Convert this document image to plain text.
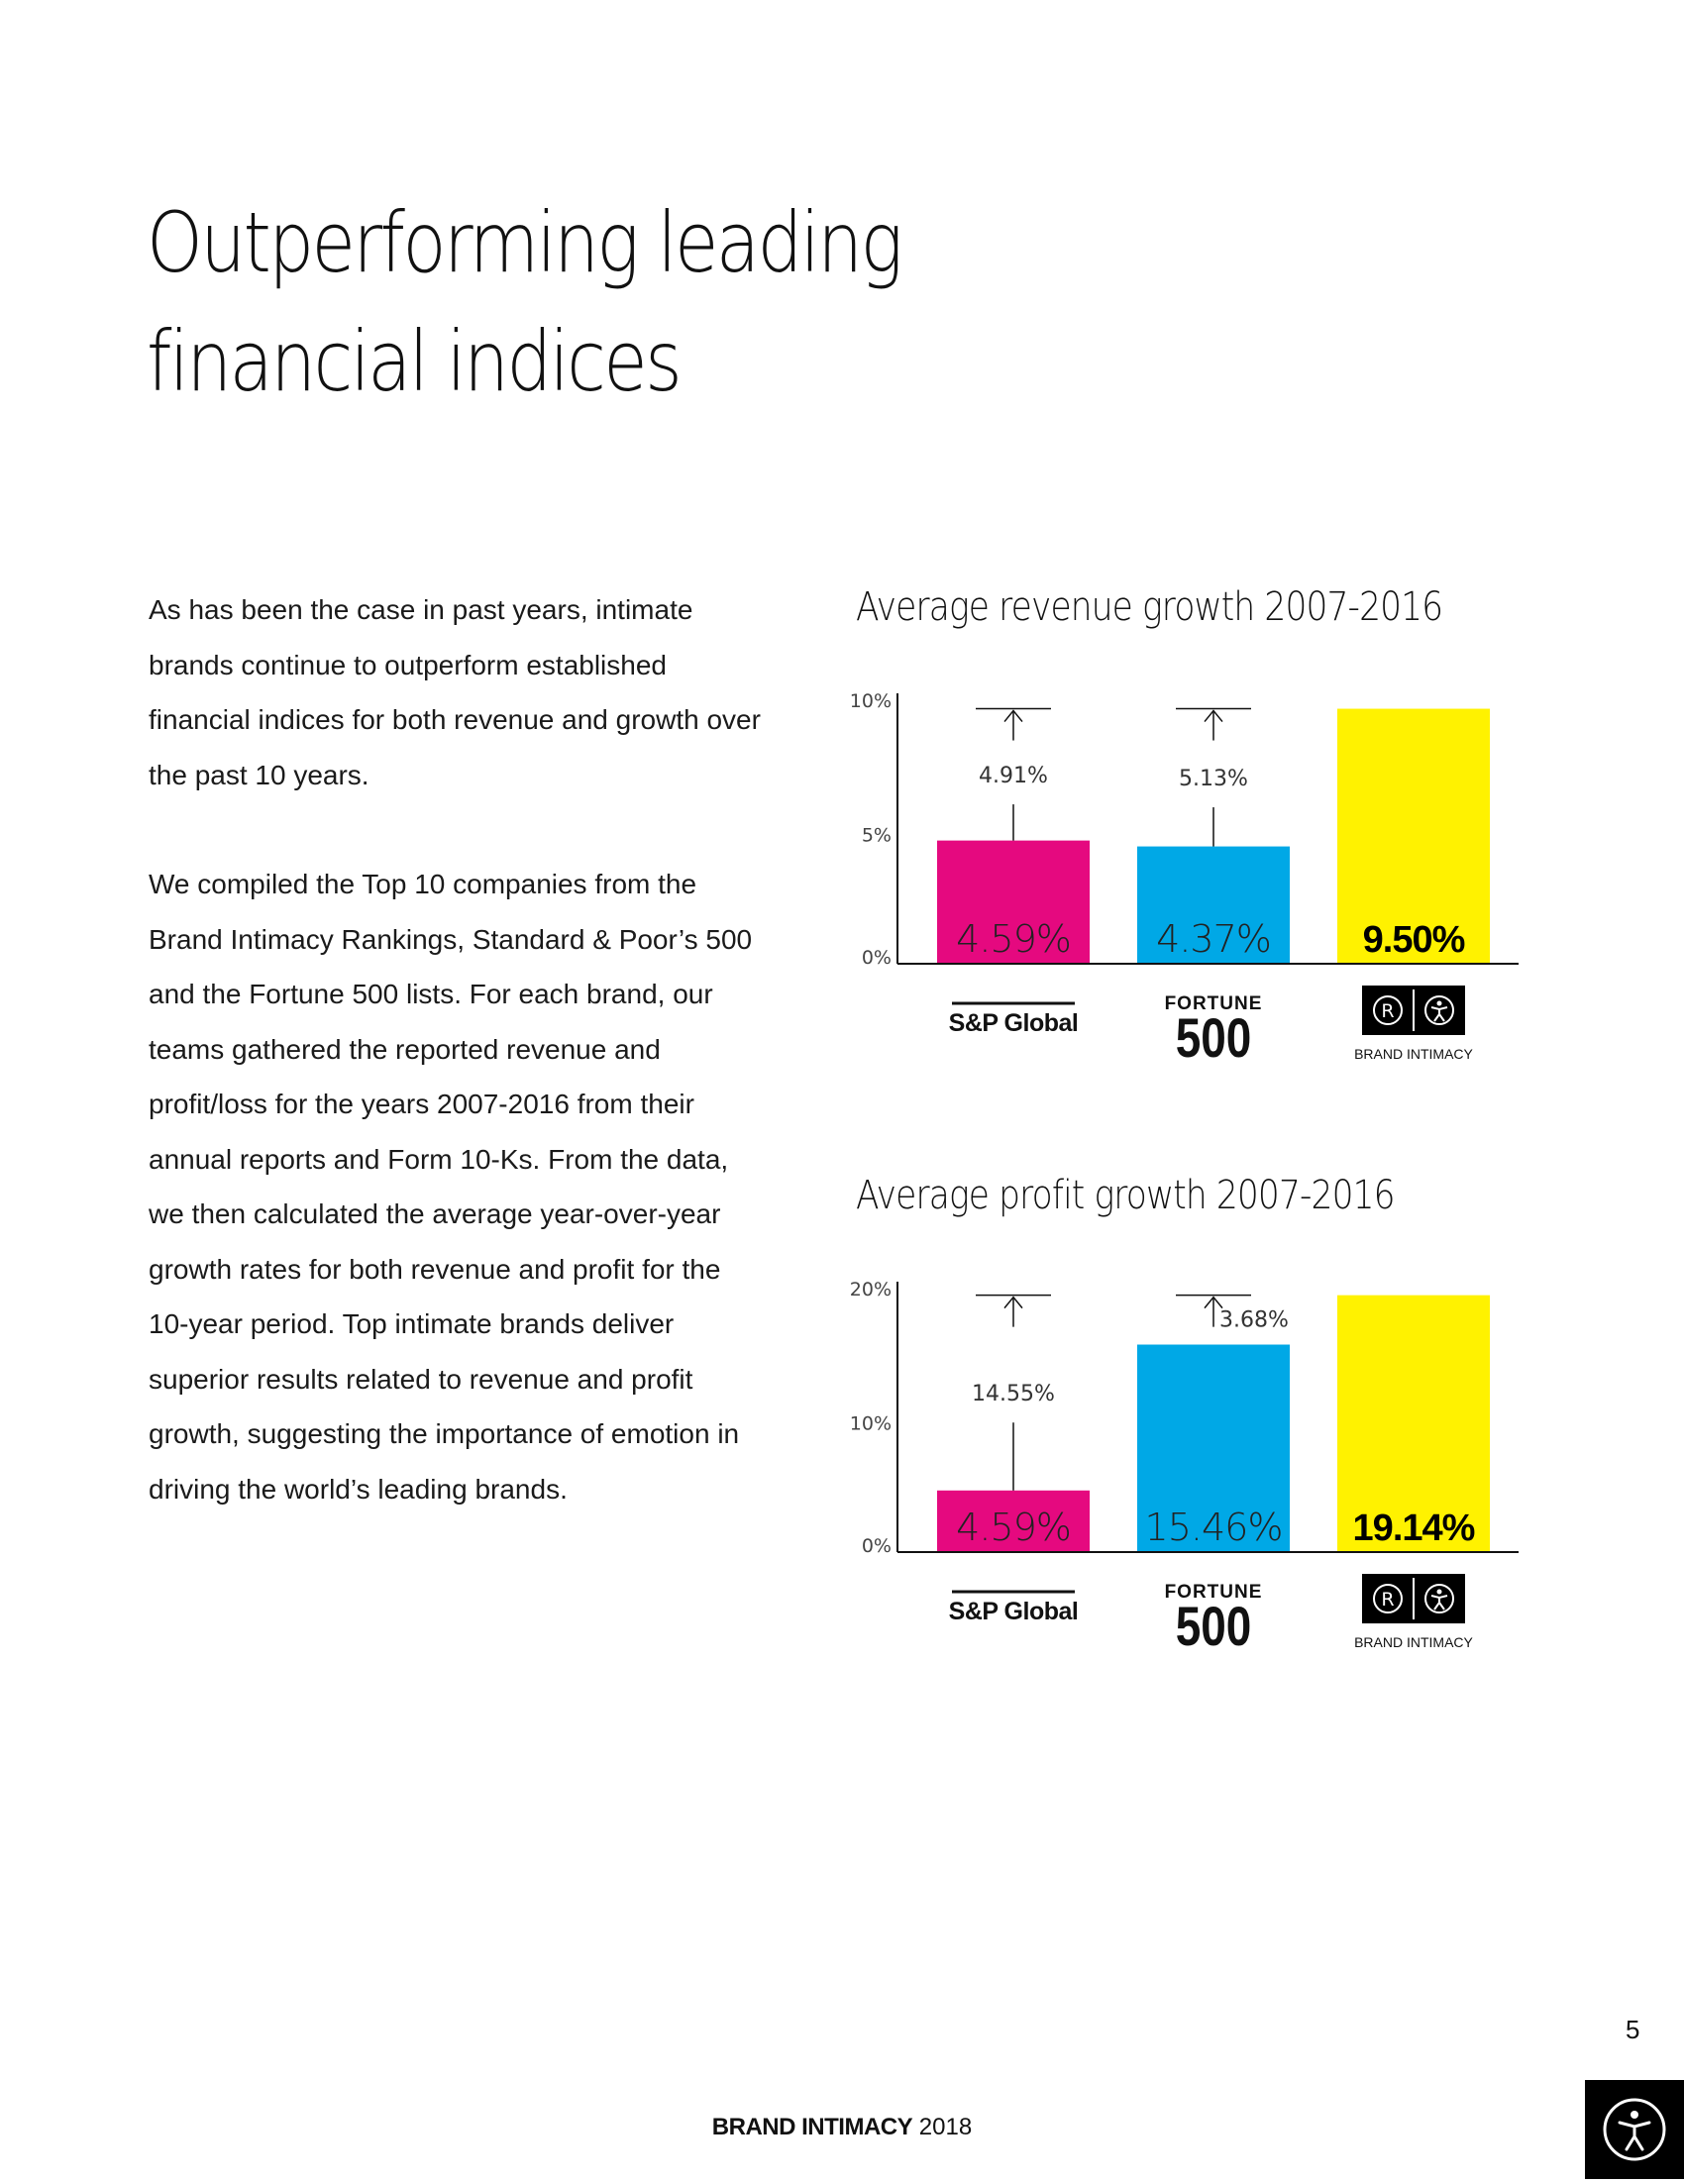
Outperforming leading
financial indices

As has been the case in past years, intimate brands continue to outperform established financial indices for both revenue and growth over the past 10 years.

We compiled the Top 10 companies from the Brand Intimacy Rankings, Standard & Poor’s 500 and the Fortune 500 lists. For each brand, our teams gathered the reported revenue and profit/loss for the years 2007-2016 from their annual reports and Form 10-Ks. From the data, we then calculated the average year-over-year growth rates for both revenue and profit for the 10-year period. Top intimate brands deliver superior results related to revenue and profit growth, suggesting the importance of emotion in driving the world’s leading brands.

Average revenue growth 2007-2016
0%
5%
10%
4.59%
4.91%
S&P Global
4.37%
5.13%
FORTUNE
500
9.50%
R
BRAND INTIMACY
Average profit growth 2007-2016
0%
10%
20%
4.59%
14.55%
S&P Global
15.46%
3.68%
FORTUNE
500
19.14%
R
BRAND INTIMACY
5
BRAND INTIMACY 2018
